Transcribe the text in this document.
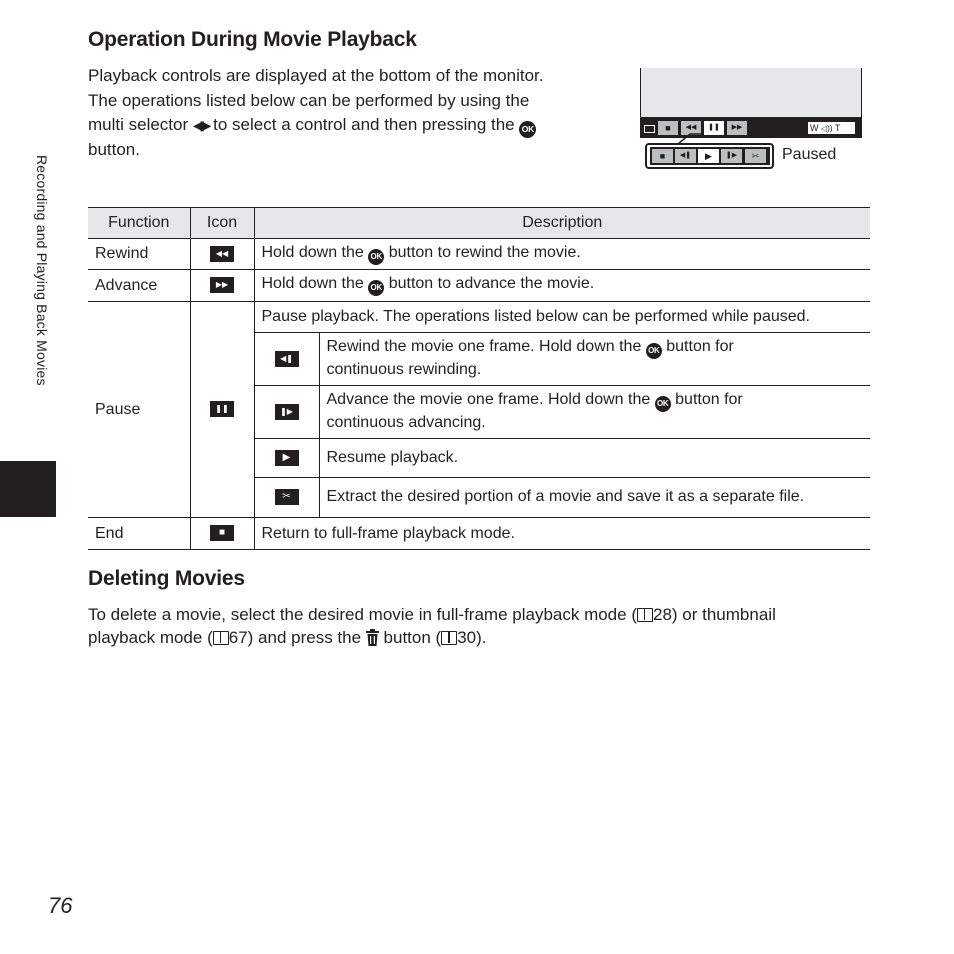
Recording and Playing Back Movies
Operation During Movie Playback
Playback controls are displayed at the bottom of the monitor.
The operations listed below can be performed by using the
multi selector ◀▶ to select a control and then pressing the OK
button.
■	◀◀	❚❚	▶▶	W ◁)) T
■	◀❚	▶	❚▶	✂	Paused
Function	Icon	Description	
Rewind	◀◀	Hold down the OK button to rewind the movie.	
Advance	▶▶	Hold down the OK button to advance the movie.	
Pause	❚❚	Pause playback. The operations listed below can be performed while paused.	
		◀❚	Rewind the movie one frame. Hold down the OK button for
continuous rewinding.
		❚▶	Advance the movie one frame. Hold down the OK button for
continuous advancing.
		▶	Resume playback.
		✂	Extract the desired portion of a movie and save it as a separate file.
End	■	Return to full-frame playback mode.	
Deleting Movies
To delete a movie, select the desired movie in full-frame playback mode ( 28) or thumbnail
playback mode ( 67) and press the button ( 30).
76
